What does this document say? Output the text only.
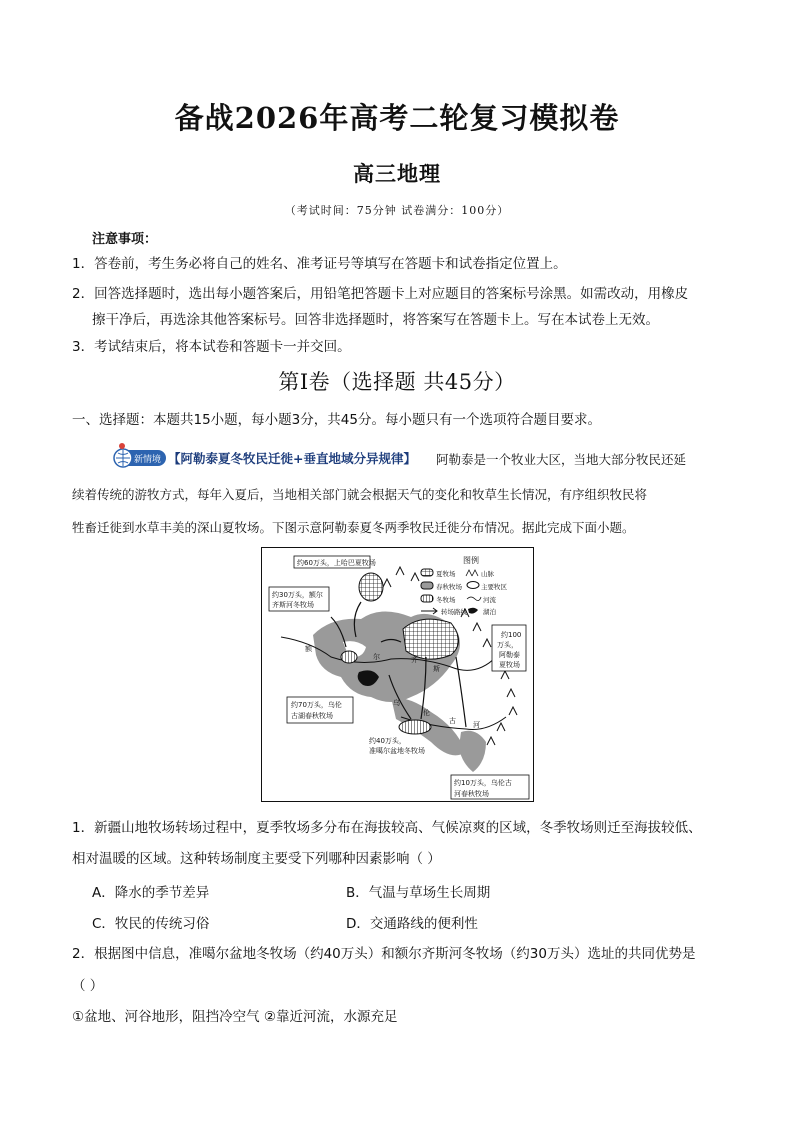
备战2026年高考二轮复习模拟卷
高三地理
（考试时间：75分钟 试卷满分：100分）
注意事项：
1．答卷前，考生务必将自己的姓名、准考证号等填写在答题卡和试卷指定位置上。
2．回答选择题时，选出每小题答案后，用铅笔把答题卡上对应题目的答案标号涂黑。如需改动，用橡皮
擦干净后，再选涂其他答案标号。回答非选择题时，将答案写在答题卡上。写在本试卷上无效。
3．考试结束后，将本试卷和答题卡一并交回。
第Ⅰ卷（选择题 共45分）
一、选择题：本题共15小题，每小题3分，共45分。每小题只有一个选项符合题目要求。
新情境 【阿勒泰夏冬牧民迁徙+垂直地域分异规律】 阿勒泰是一个牧业大区，当地大部分牧民还延
续着传统的游牧方式，每年入夏后，当地相关部门就会根据天气的变化和牧草生长情况，有序组织牧民将
牲畜迁徙到水草丰美的深山夏牧场。下图示意阿勒泰夏冬两季牧民迁徙分布情况。据此完成下面小题。
图例
夏牧场	山脉
春秋牧场	主要牧区
冬牧场	河流
转场路线 湖泊
约60万头，上哈巴夏牧场
约30万头，额尔
齐斯河冬牧场
约100
万头，
阿勒泰
夏牧场
约70万头，乌伦
古湖春秋牧场
约40万头，
准噶尔盆地冬牧场
约10万头，乌伦古
河春秋牧场
额
尔	齐
斯
乌
伦
古 河
1．新疆山地牧场转场过程中，夏季牧场多分布在海拔较高、气候凉爽的区域，冬季牧场则迁至海拔较低、
相对温暖的区域。这种转场制度主要受下列哪种因素影响（ ）
A．降水的季节差异	B．气温与草场生长周期
C．牧民的传统习俗	D．交通路线的便利性
2．根据图中信息，准噶尔盆地冬牧场（约40万头）和额尔齐斯河冬牧场（约30万头）选址的共同优势是
（ ）
①盆地、河谷地形，阻挡冷空气 ②靠近河流，水源充足
